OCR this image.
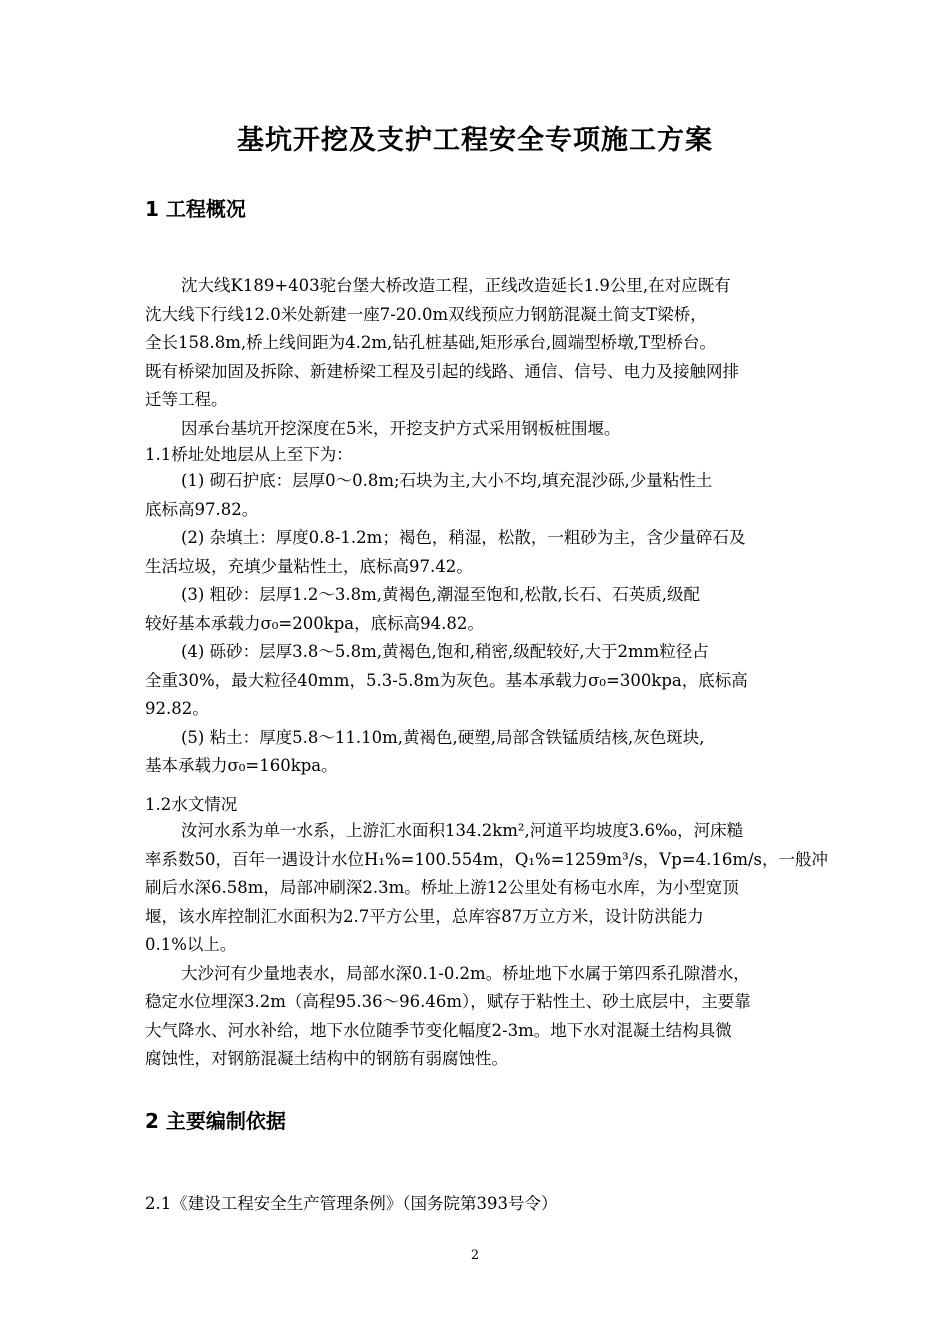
基坑开挖及支护工程安全专项施工方案
1 工程概况
沈大线K189+403驼台堡大桥改造工程，正线改造延长1.9公里,在对应既有
沈大线下行线12.0米处新建一座7-20.0m双线预应力钢筋混凝土简支T梁桥，
全长158.8m,桥上线间距为4.2m,钻孔桩基础,矩形承台,圆端型桥墩,T型桥台。
既有桥梁加固及拆除、新建桥梁工程及引起的线路、通信、信号、电力及接触网排
迁等工程。
因承台基坑开挖深度在5米，开挖支护方式采用钢板桩围堰。
1.1桥址处地层从上至下为：
(1) 砌石护底：层厚0～0.8m;石块为主,大小不均,填充混沙砾,少量粘性土
底标高97.82。
(2) 杂填土：厚度0.8-1.2m；褐色，稍湿，松散，一粗砂为主，含少量碎石及
生活垃圾，充填少量粘性土，底标高97.42。
(3) 粗砂：层厚1.2～3.8m,黄褐色,潮湿至饱和,松散,长石、石英质,级配
较好基本承载力σ₀=200kpa，底标高94.82。
(4) 砾砂：层厚3.8～5.8m,黄褐色,饱和,稍密,级配较好,大于2mm粒径占
全重30%，最大粒径40mm，5.3-5.8m为灰色。基本承载力σ₀=300kpa，底标高
92.82。
(5) 粘土：厚度5.8～11.10m,黄褐色,硬塑,局部含铁锰质结核,灰色斑块,
基本承载力σ₀=160kpa。
1.2水文情况
汝河水系为单一水系，上游汇水面积134.2km²,河道平均坡度3.6‰，河床糙
率系数50，百年一遇设计水位H₁%=100.554m，Q₁%=1259m³/s，Vp=4.16m/s，一般冲
刷后水深6.58m，局部冲刷深2.3m。桥址上游12公里处有杨屯水库，为小型宽顶
堰，该水库控制汇水面积为2.7平方公里，总库容87万立方米，设计防洪能力
0.1%以上。
大沙河有少量地表水，局部水深0.1-0.2m。桥址地下水属于第四系孔隙潜水，
稳定水位埋深3.2m（高程95.36～96.46m），赋存于粘性土、砂土底层中，主要靠
大气降水、河水补给，地下水位随季节变化幅度2-3m。地下水对混凝土结构具微
腐蚀性，对钢筋混凝土结构中的钢筋有弱腐蚀性。
2 主要编制依据
2.1《建设工程安全生产管理条例》（国务院第393号令）
2
